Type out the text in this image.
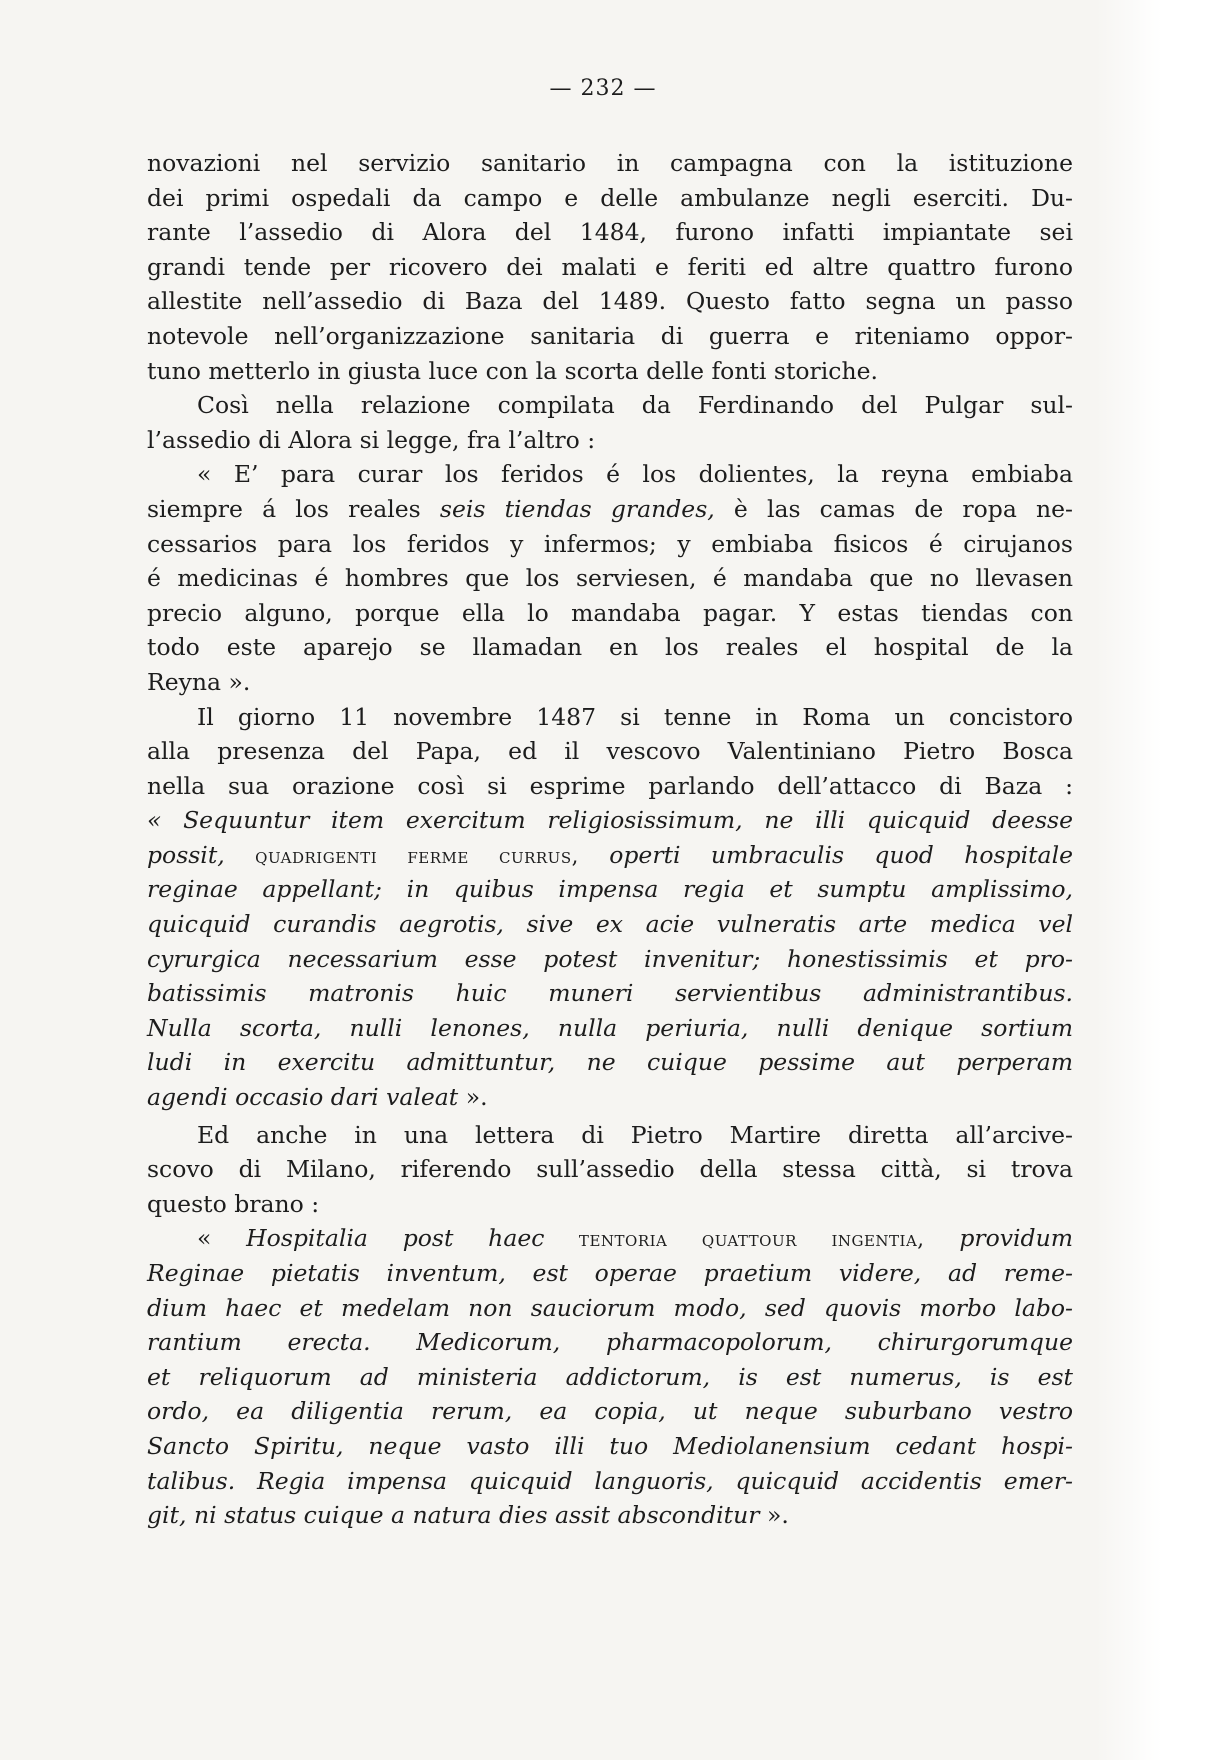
— 232 —
novazioni nel servizio sanitario in campagna con la istituzione
dei primi ospedali da campo e delle ambulanze negli eserciti. Du-
rante l’assedio di Alora del 1484, furono infatti impiantate sei
grandi tende per ricovero dei malati e feriti ed altre quattro furono
allestite nell’assedio di Baza del 1489. Questo fatto segna un passo
notevole nell’organizzazione sanitaria di guerra e riteniamo oppor-
tuno metterlo in giusta luce con la scorta delle fonti storiche.
Così nella relazione compilata da Ferdinando del Pulgar sul-
l’assedio di Alora si legge, fra l’altro :
« E’ para curar los feridos é los dolientes, la reyna embiaba
siempre á los reales seis tiendas grandes, è las camas de ropa ne-
cessarios para los feridos y infermos; y embiaba fisicos é cirujanos
é medicinas é hombres que los serviesen, é mandaba que no llevasen
precio alguno, porque ella lo mandaba pagar. Y estas tiendas con
todo este aparejo se llamadan en los reales el hospital de la
Reyna ».
Il giorno 11 novembre 1487 si tenne in Roma un concistoro
alla presenza del Papa, ed il vescovo Valentiniano Pietro Bosca
nella sua orazione così si esprime parlando dell’attacco di Baza :
« Sequuntur item exercitum religiosissimum, ne illi quicquid deesse
possit, quadrigenti ferme currus, operti umbraculis quod hospitale
reginae appellant; in quibus impensa regia et sumptu amplissimo,
quicquid curandis aegrotis, sive ex acie vulneratis arte medica vel
cyrurgica necessarium esse potest invenitur; honestissimis et pro-
batissimis matronis huic muneri servientibus administrantibus.
Nulla scorta, nulli lenones, nulla periuria, nulli denique sortium
ludi in exercitu admittuntur, ne cuique pessime aut perperam
agendi occasio dari valeat ».
Ed anche in una lettera di Pietro Martire diretta all’arcive-
scovo di Milano, riferendo sull’assedio della stessa città, si trova
questo brano :
« Hospitalia post haec tentoria quattour ingentia, providum
Reginae pietatis inventum, est operae praetium videre, ad reme-
dium haec et medelam non sauciorum modo, sed quovis morbo labo-
rantium erecta. Medicorum, pharmacopolorum, chirurgorumque
et reliquorum ad ministeria addictorum, is est numerus, is est
ordo, ea diligentia rerum, ea copia, ut neque suburbano vestro
Sancto Spiritu, neque vasto illi tuo Mediolanensium cedant hospi-
talibus. Regia impensa quicquid languoris, quicquid accidentis emer-
git, ni status cuique a natura dies assit absconditur ».
